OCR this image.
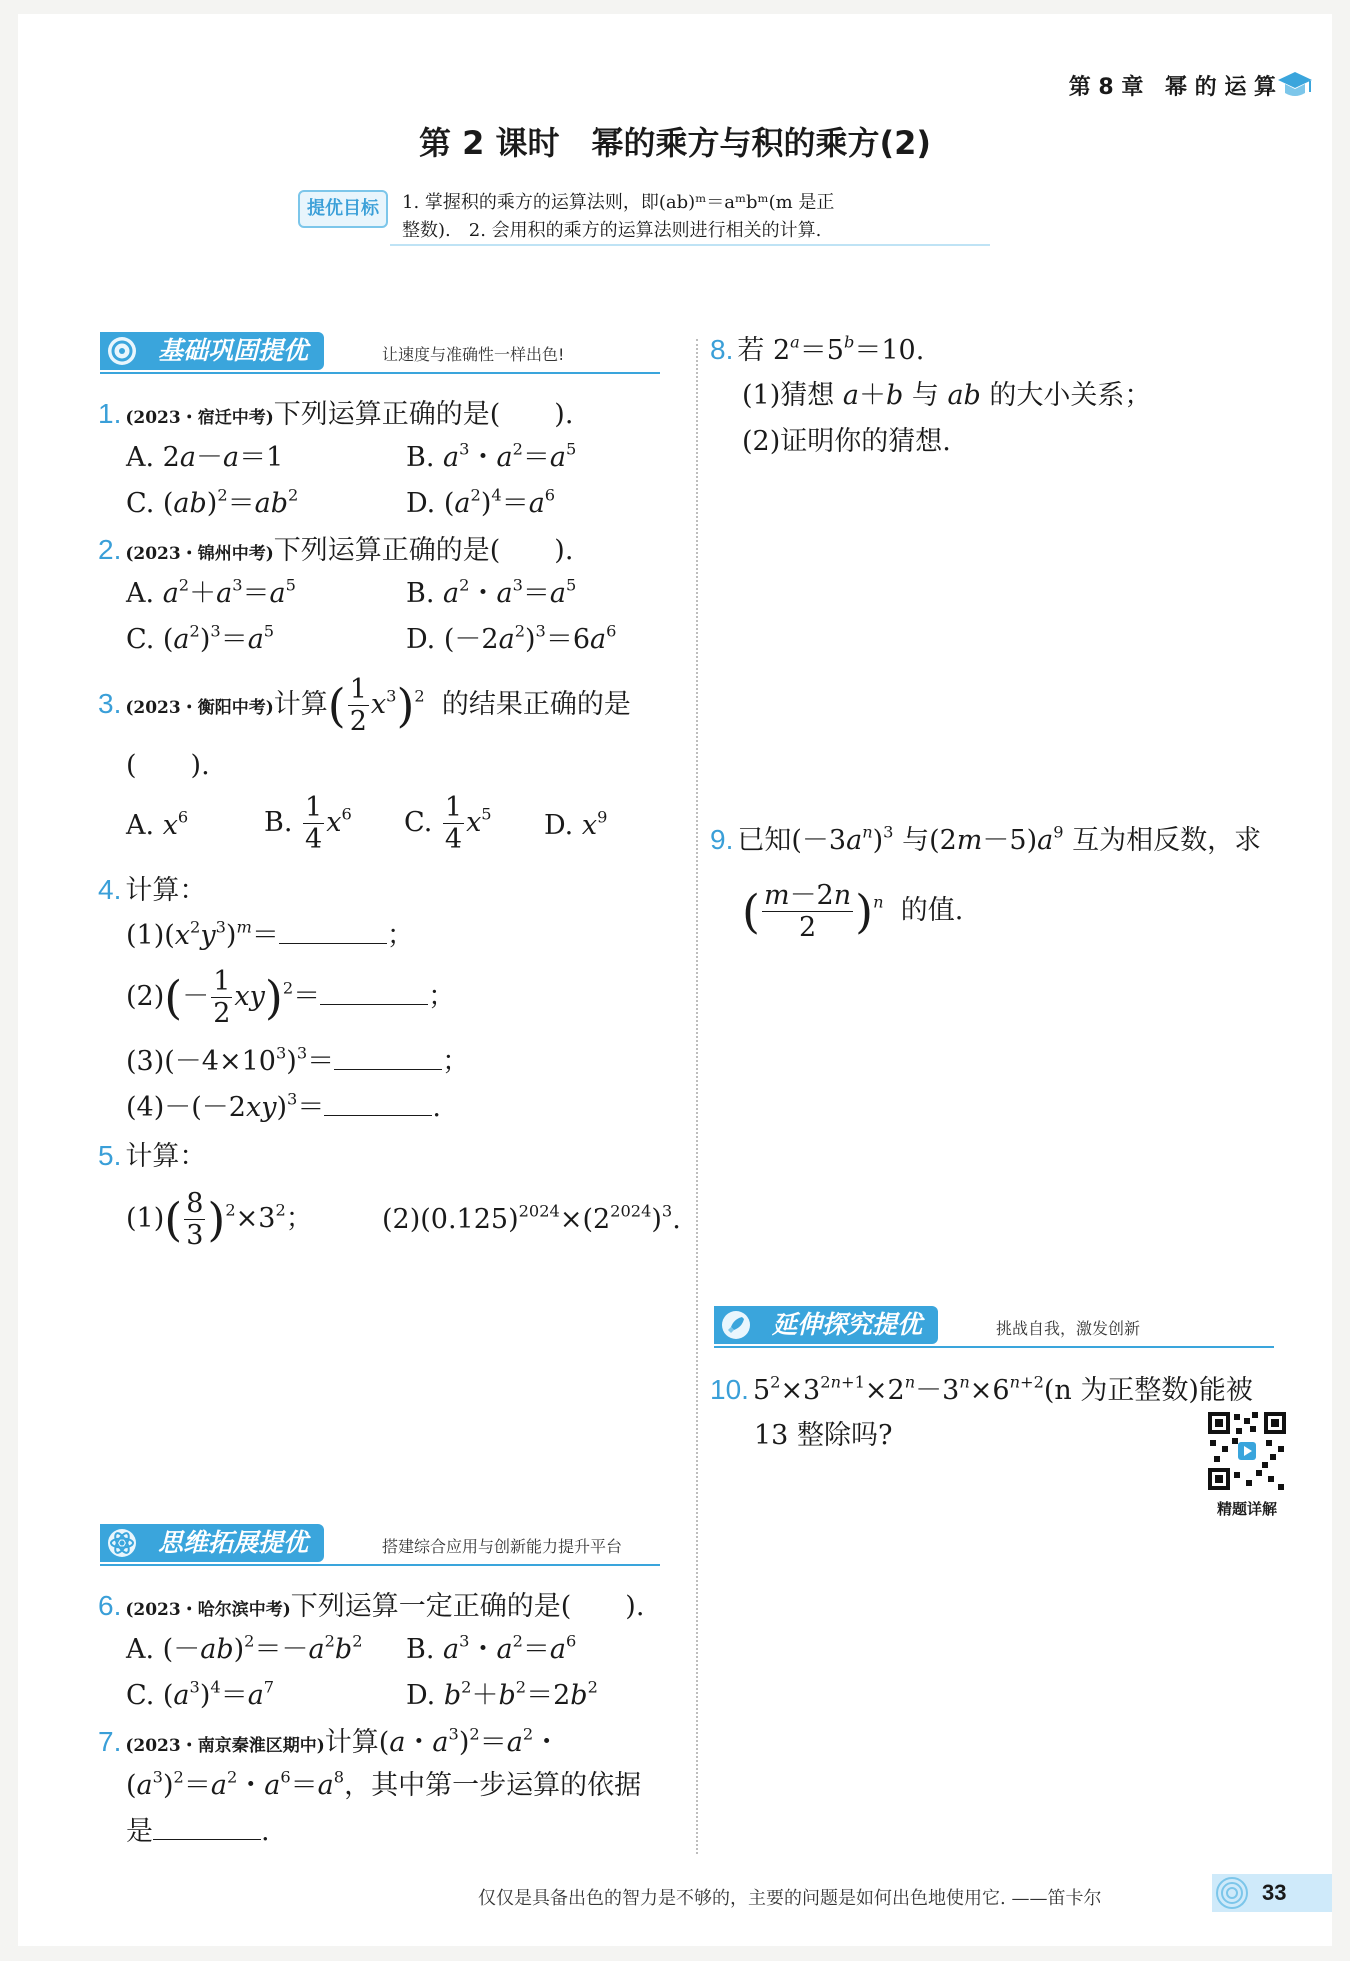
第 8 章 幂 的 运 算
第 2 课时　幂的乘方与积的乘方(2)
提优目标	1. 掌握积的乘方的运算法则，即(ab)ᵐ＝aᵐbᵐ(m 是正
整数).　2. 会用积的乘方的运算法则进行相关的计算.
基础巩固提优	让速度与准确性一样出色!
1. (2023・宿迁中考)下列运算正确的是(　　).
A. 2a－a＝1	B. $a^3$・$a^2=a^5$
C. $(ab)^2=ab^2$	D. $(a^2)^4=a^6$
2. (2023・锦州中考)下列运算正确的是(　　).
A. $a^2+a^3=a^5$	B. $a^2$・$a^3=a^5$
C. $(a^2)^3=a^5$	D. $(-2a^2)^3=6a^6$
3. (2023・衡阳中考)计算( $\frac{1}{2} x^3)^2$ 的结果正确的是
(　　).
A. $x^6$	B. $\frac{1}{4} x^6$ C. $\frac{1}{4} x^5$ D. $x^9$
4. 计算：
$(1)(x^2y^3)^m=$	；
$(2)(- \frac{1}{2} xy)^2=$	；
$(3)(-4\times 10^3)^3=$	；
$(4)-(-2xy)^3=$	.
5. 计算：
$(1)( \frac{8}{3} )^2\times 3^2$；	$(2)(0.125)^{2024}\times(2^{2024})^3$.
思维拓展提优	搭建综合应用与创新能力提升平台
6. (2023・哈尔滨中考)下列运算一定正确的是(　　).
A. $(-ab)^2=-a^2b^2$ B. $a^3$・$a^2=a^6$
C. $(a^3)^4=a^7$	D. $b^2+b^2=2b^2$
7. (2023・南京秦淮区期中)计算(a・$a^3)^2=a^2$・
$(a^3)^2=a^2$・$a^6=a^8$，其中第一步运算的依据
是	.
8. 若 $2^a=5^b=10$.
(1)猜想 a＋b 与 ab 的大小关系；
(2)证明你的猜想.
9. 已知$(-3a^n)^3$ 与$(2m-5)a^9$ 互为相反数，求
( $\frac{m-2n}{2} )^n$ 的值.
延伸探究提优	挑战自我，激发创新
10. $5^2\times 3^{2n+1}\times 2^n-3^n\times 6^{n+2}(n$ 为正整数)能被
13 整除吗?
精题详解
仅仅是具备出色的智力是不够的，主要的问题是如何出色地使用它. ——笛卡尔	33
